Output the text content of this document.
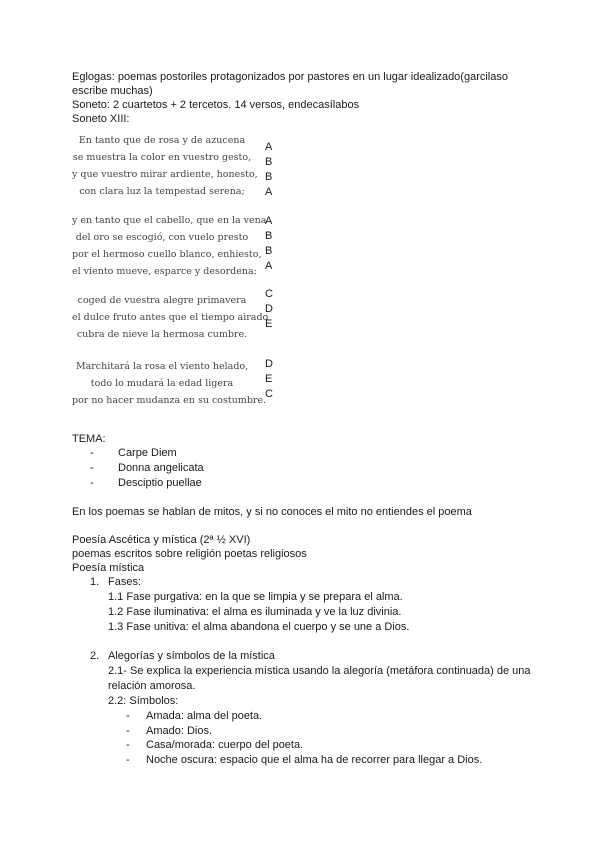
Eglogas: poemas postoriles protagonizados por pastores en un lugar idealizado(garcilaso escribe muchas)

Soneto: 2 cuartetos + 2 tercetos. 14 versos, endecasílabos

Soneto XIII:

En tanto que de rosa y de azucena
se muestra la color en vuestro gesto,
y que vuestro mirar ardiente, honesto,
con clara luz la tempestad serena;
A
B
B
A
y en tanto que el cabello, que en la vena
del oro se escogió, con vuelo presto
por el hermoso cuello blanco, enhiesto,
el viento mueve, esparce y desordena:
A
B
B
A
coged de vuestra alegre primavera
el dulce fruto antes que el tiempo airado
cubra de nieve la hermosa cumbre.
C
D
E
Marchitará la rosa el viento helado,
todo lo mudará la edad ligera
por no hacer mudanza en su costumbre.
D
E
C

TEMA:

- Carpe Diem
- Donna angelicata
- Desciptio puellae

En los poemas se hablan de mitos, y si no conoces el mito no entiendes el poema

Poesía Ascética y mística (2ª ½ XVI)

poemas escritos sobre religión poetas religiosos

Poesía mística

1. Fases:
1.1 Fase purgativa: en la que se limpia y se prepara el alma.
1.2 Fase iluminativa: el alma es iluminada y ve la luz divinia.
1.3 Fase unitiva: el alma abandona el cuerpo y se une a Dios.
2. Alegorías y símbolos de la mística
2.1- Se explica la experiencia mística usando la alegoría (metáfora continuada) de una relación amorosa.
2.2: Símbolos:
- Amada: alma del poeta.
- Amado: Dios.
- Casa/morada: cuerpo del poeta.
- Noche oscura: espacio que el alma ha de recorrer para llegar a Dios.
